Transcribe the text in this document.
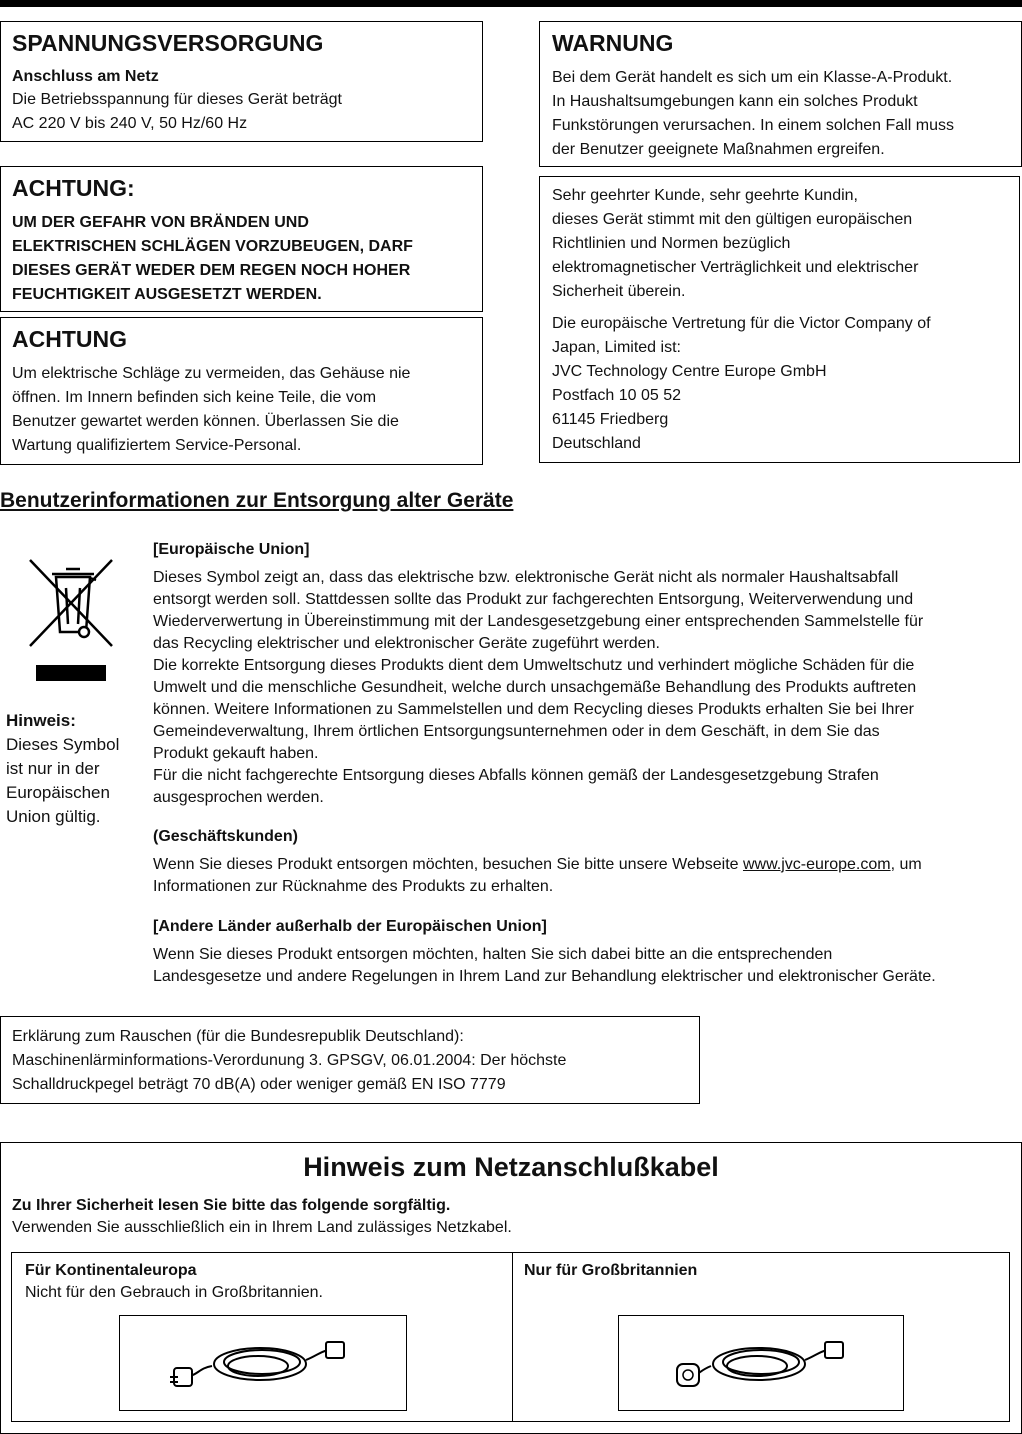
SPANNUNGSVERSORGUNG
Anschluss am Netz
Die Betriebsspannung für dieses Gerät beträgt
AC 220 V bis 240 V, 50 Hz/60 Hz
WARNUNG
Bei dem Gerät handelt es sich um ein Klasse-A-Produkt.
In Haushaltsumgebungen kann ein solches Produkt
Funkstörungen verursachen. In einem solchen Fall muss
der Benutzer geeignete Maßnahmen ergreifen.
ACHTUNG:
UM DER GEFAHR VON BRÄNDEN UND
ELEKTRISCHEN SCHLÄGEN VORZUBEUGEN, DARF
DIESES GERÄT WEDER DEM REGEN NOCH HOHER
FEUCHTIGKEIT AUSGESETZT WERDEN.
Sehr geehrter Kunde, sehr geehrte Kundin,
dieses Gerät stimmt mit den gültigen europäischen
Richtlinien und Normen bezüglich
elektromagnetischer Verträglichkeit und elektrischer
Sicherheit überein.
Die europäische Vertretung für die Victor Company of
Japan, Limited ist:
JVC Technology Centre Europe GmbH
Postfach 10 05 52
61145 Friedberg
Deutschland
ACHTUNG
Um elektrische Schläge zu vermeiden, das Gehäuse nie
öffnen. Im Innern befinden sich keine Teile, die vom
Benutzer gewartet werden können. Überlassen Sie die
Wartung qualifiziertem Service-Personal.
Benutzerinformationen zur Entsorgung alter Geräte
Hinweis:
Dieses Symbol
ist nur in der
Europäischen
Union gültig.
[Europäische Union]
Dieses Symbol zeigt an, dass das elektrische bzw. elektronische Gerät nicht als normaler Haushaltsabfall
entsorgt werden soll. Stattdessen sollte das Produkt zur fachgerechten Entsorgung, Weiterverwendung und
Wiederverwertung in Übereinstimmung mit der Landesgesetzgebung einer entsprechenden Sammelstelle für
das Recycling elektrischer und elektronischer Geräte zugeführt werden.
Die korrekte Entsorgung dieses Produkts dient dem Umweltschutz und verhindert mögliche Schäden für die
Umwelt und die menschliche Gesundheit, welche durch unsachgemäße Behandlung des Produkts auftreten
können. Weitere Informationen zu Sammelstellen und dem Recycling dieses Produkts erhalten Sie bei Ihrer
Gemeindeverwaltung, Ihrem örtlichen Entsorgungsunternehmen oder in dem Geschäft, in dem Sie das
Produkt gekauft haben.
Für die nicht fachgerechte Entsorgung dieses Abfalls können gemäß der Landesgesetzgebung Strafen
ausgesprochen werden.
(Geschäftskunden)
Wenn Sie dieses Produkt entsorgen möchten, besuchen Sie bitte unsere Webseite www.jvc-europe.com, um
Informationen zur Rücknahme des Produkts zu erhalten.
[Andere Länder außerhalb der Europäischen Union]
Wenn Sie dieses Produkt entsorgen möchten, halten Sie sich dabei bitte an die entsprechenden
Landesgesetze und andere Regelungen in Ihrem Land zur Behandlung elektrischer und elektronischer Geräte.
Erklärung zum Rauschen (für die Bundesrepublik Deutschland):
Maschinenlärminformations-Verordunung 3. GPSGV, 06.01.2004: Der höchste
Schalldruckpegel beträgt 70 dB(A) oder weniger gemäß EN ISO 7779
Hinweis zum Netzanschlußkabel
Zu Ihrer Sicherheit lesen Sie bitte das folgende sorgfältig.
Verwenden Sie ausschließlich ein in Ihrem Land zulässiges Netzkabel.
Für Kontinentaleuropa
Nicht für den Gebrauch in Großbritannien.
Nur für Großbritannien
